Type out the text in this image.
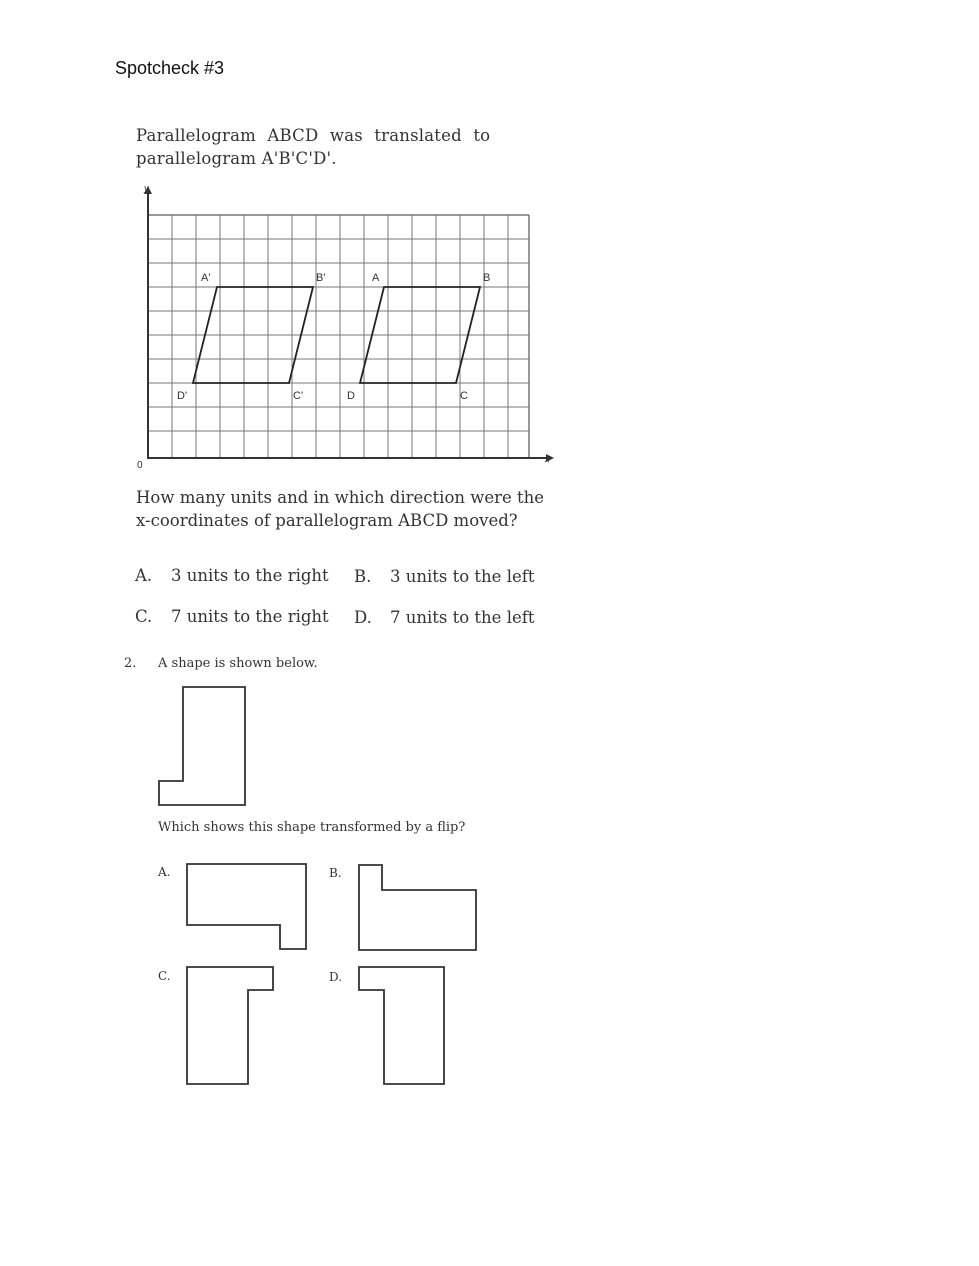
Spotcheck #3
Parallelogram ABCD was translated to
parallelogram A'B'C'D'.
y
x
0
A'	B'
C'
D'
A	B
C
D
How many units and in which direction were the
x-coordinates of parallelogram ABCD moved?
A. 3 units to the right B. 3 units to the left
C. 7 units to the right D. 7 units to the left
2. A shape is shown below.
Which shows this shape transformed by a flip?
A.	B.
C.	D.
